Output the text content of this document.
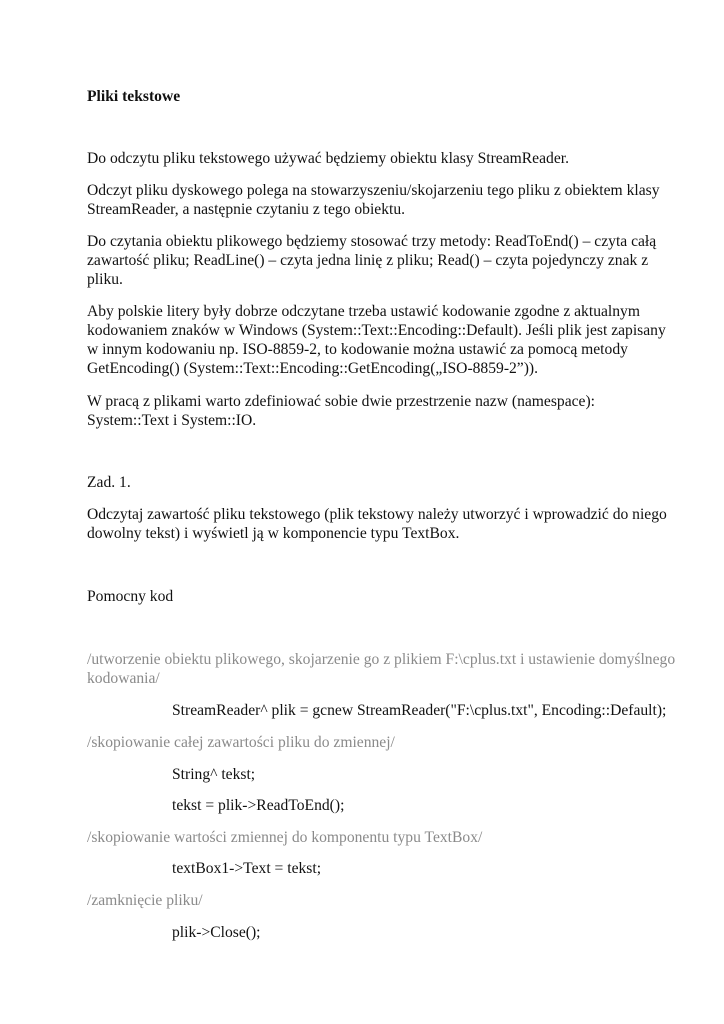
Pliki tekstowe
Do odczytu pliku tekstowego używać będziemy obiektu klasy StreamReader.
Odczyt pliku dyskowego polega na stowarzyszeniu/skojarzeniu tego pliku z obiektem klasy
StreamReader, a następnie czytaniu z tego obiektu.
Do czytania obiektu plikowego będziemy stosować trzy metody: ReadToEnd() – czyta całą
zawartość pliku; ReadLine() – czyta jedna linię z pliku; Read() – czyta pojedynczy znak z
pliku.
Aby polskie litery były dobrze odczytane trzeba ustawić kodowanie zgodne z aktualnym
kodowaniem znaków w Windows (System::Text::Encoding::Default). Jeśli plik jest zapisany
w innym kodowaniu np. ISO-8859-2, to kodowanie można ustawić za pomocą metody
GetEncoding() (System::Text::Encoding::GetEncoding(„ISO-8859-2”)).
W pracą z plikami warto zdefiniować sobie dwie przestrzenie nazw (namespace):
System::Text i System::IO.
Zad. 1.
Odczytaj zawartość pliku tekstowego (plik tekstowy należy utworzyć i wprowadzić do niego
dowolny tekst) i wyświetl ją w komponencie typu TextBox.
Pomocny kod
/utworzenie obiektu plikowego, skojarzenie go z plikiem F:\cplus.txt i ustawienie domyślnego
kodowania/
StreamReader^ plik = gcnew StreamReader("F:\cplus.txt", Encoding::Default);
/skopiowanie całej zawartości pliku do zmiennej/
String^ tekst;
tekst = plik->ReadToEnd();
/skopiowanie wartości zmiennej do komponentu typu TextBox/
textBox1->Text = tekst;
/zamknięcie pliku/
plik->Close();
